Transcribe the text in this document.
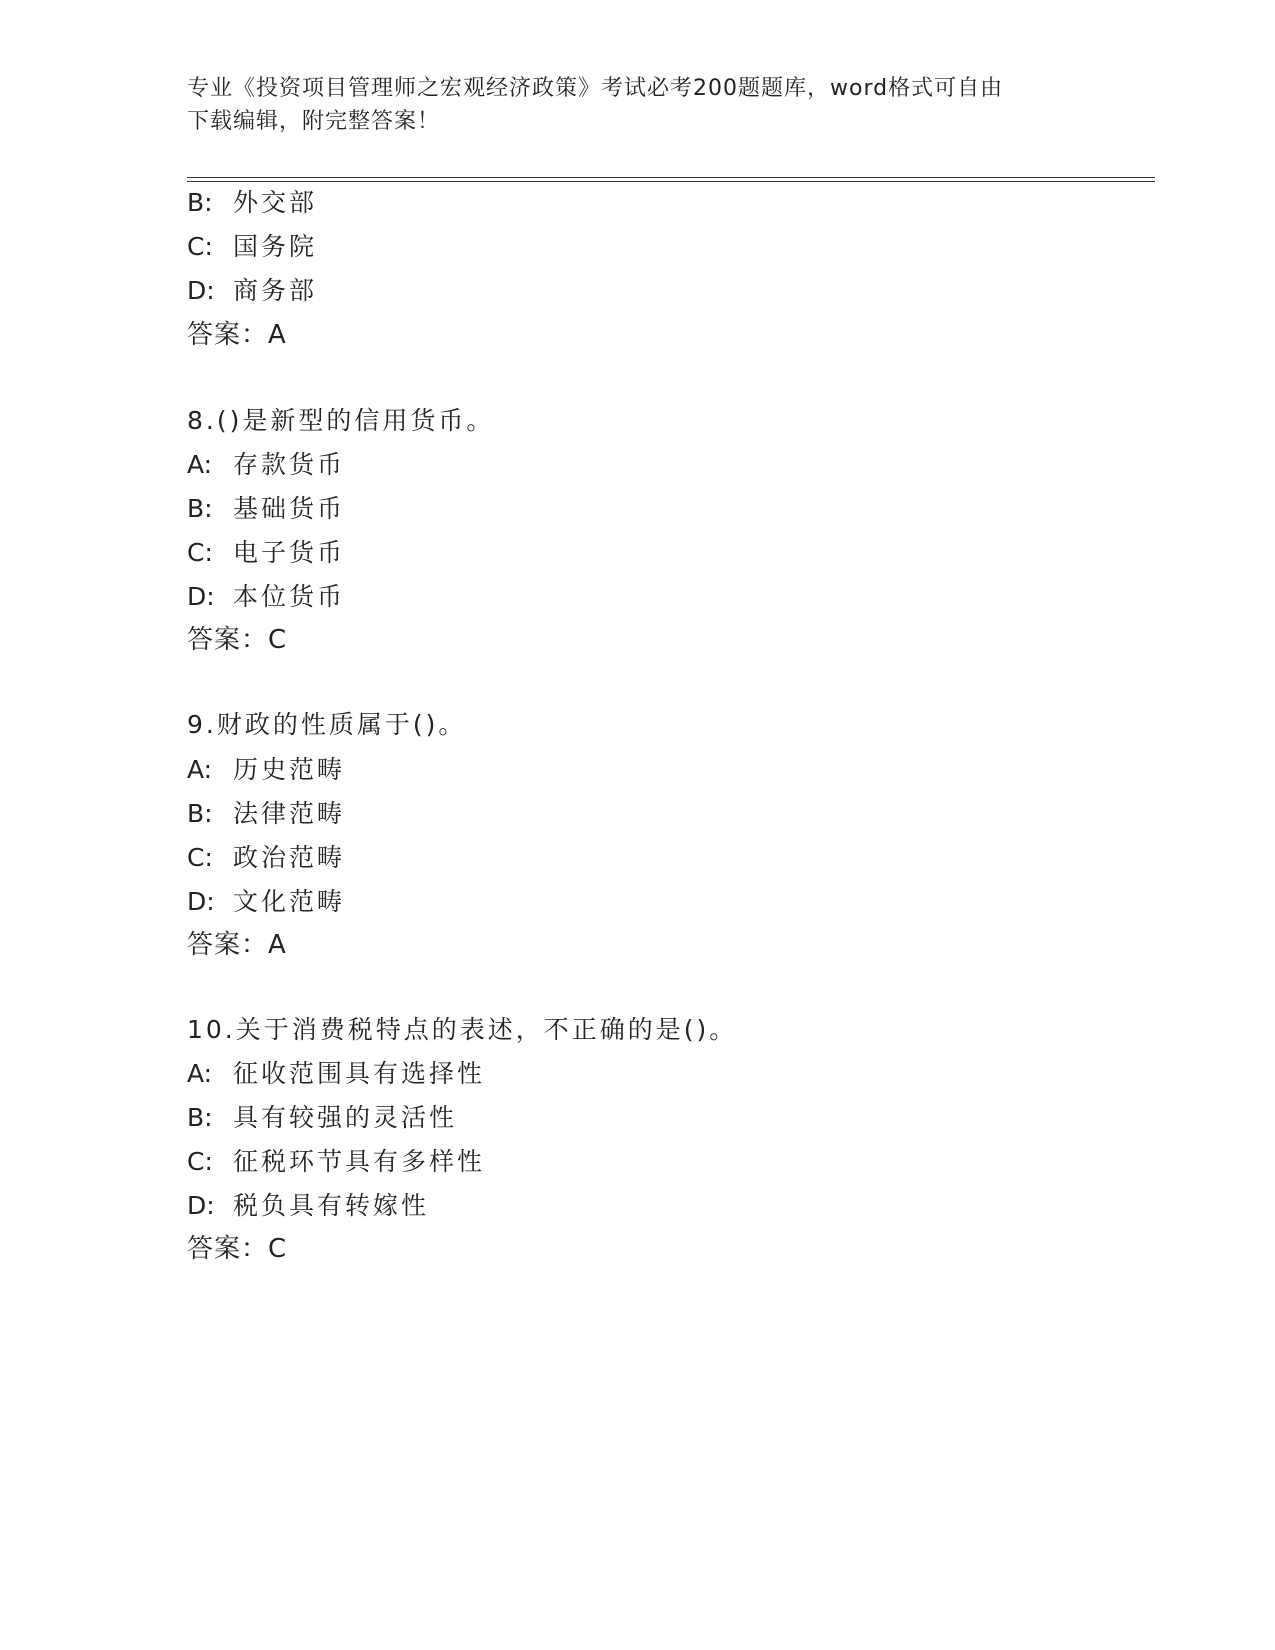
专业《投资项目管理师之宏观经济政策》考试必考200题题库，word格式可自由
下载编辑，附完整答案！
B: 外交部
C: 国务院
D: 商务部
答案：A
8.()是新型的信用货币。
A: 存款货币
B: 基础货币
C: 电子货币
D: 本位货币
答案：C
9.财政的性质属于()。
A: 历史范畴
B: 法律范畴
C: 政治范畴
D: 文化范畴
答案：A
10.关于消费税特点的表述，不正确的是()。
A: 征收范围具有选择性
B: 具有较强的灵活性
C: 征税环节具有多样性
D: 税负具有转嫁性
答案：C
